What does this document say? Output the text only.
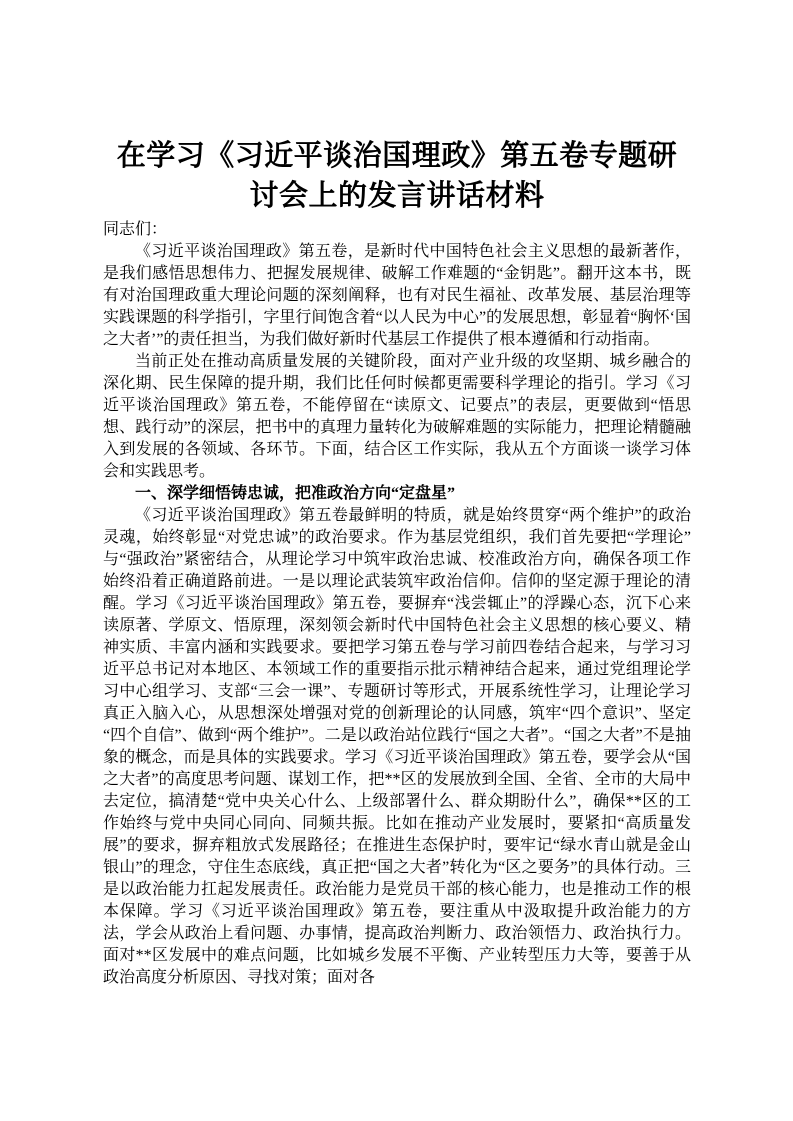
在学习《习近平谈治国理政》第五卷专题研讨会上的发言讲话材料

同志们：

《习近平谈治国理政》第五卷，是新时代中国特色社会主义思想的最新著作，是我们感悟思想伟力、把握发展规律、破解工作难题的“金钥匙”。翻开这本书，既有对治国理政重大理论问题的深刻阐释，也有对民生福祉、改革发展、基层治理等实践课题的科学指引，字里行间饱含着“以人民为中心”的发展思想，彰显着“胸怀‘国之大者’”的责任担当，为我们做好新时代基层工作提供了根本遵循和行动指南。

当前正处在推动高质量发展的关键阶段，面对产业升级的攻坚期、城乡融合的深化期、民生保障的提升期，我们比任何时候都更需要科学理论的指引。学习《习近平谈治国理政》第五卷，不能停留在“读原文、记要点”的表层，更要做到“悟思想、践行动”的深层，把书中的真理力量转化为破解难题的实际能力，把理论精髓融入到发展的各领域、各环节。下面，结合区工作实际，我从五个方面谈一谈学习体会和实践思考。

一、深学细悟铸忠诚，把准政治方向“定盘星”

《习近平谈治国理政》第五卷最鲜明的特质，就是始终贯穿“两个维护”的政治灵魂，始终彰显“对党忠诚”的政治要求。作为基层党组织，我们首先要把“学理论”与“强政治”紧密结合，从理论学习中筑牢政治忠诚、校准政治方向，确保各项工作始终沿着正确道路前进。一是以理论武装筑牢政治信仰。信仰的坚定源于理论的清醒。学习《习近平谈治国理政》第五卷，要摒弃“浅尝辄止”的浮躁心态，沉下心来读原著、学原文、悟原理，深刻领会新时代中国特色社会主义思想的核心要义、精神实质、丰富内涵和实践要求。要把学习第五卷与学习前四卷结合起来，与学习习近平总书记对本地区、本领域工作的重要指示批示精神结合起来，通过党组理论学习中心组学习、支部“三会一课”、专题研讨等形式，开展系统性学习，让理论学习真正入脑入心，从思想深处增强对党的创新理论的认同感，筑牢“四个意识”、坚定“四个自信”、做到“两个维护”。二是以政治站位践行“国之大者”。“国之大者”不是抽象的概念，而是具体的实践要求。学习《习近平谈治国理政》第五卷，要学会从“国之大者”的高度思考问题、谋划工作，把**区的发展放到全国、全省、全市的大局中去定位，搞清楚“党中央关心什么、上级部署什么、群众期盼什么”，确保**区的工作始终与党中央同心同向、同频共振。比如在推动产业发展时，要紧扣“高质量发展”的要求，摒弃粗放式发展路径；在推进生态保护时，要牢记“绿水青山就是金山银山”的理念，守住生态底线，真正把“国之大者”转化为“区之要务”的具体行动。三是以政治能力扛起发展责任。政治能力是党员干部的核心能力，也是推动工作的根本保障。学习《习近平谈治国理政》第五卷，要注重从中汲取提升政治能力的方法，学会从政治上看问题、办事情，提高政治判断力、政治领悟力、政治执行力。面对**区发展中的难点问题，比如城乡发展不平衡、产业转型压力大等，要善于从政治高度分析原因、寻找对策；面对各
